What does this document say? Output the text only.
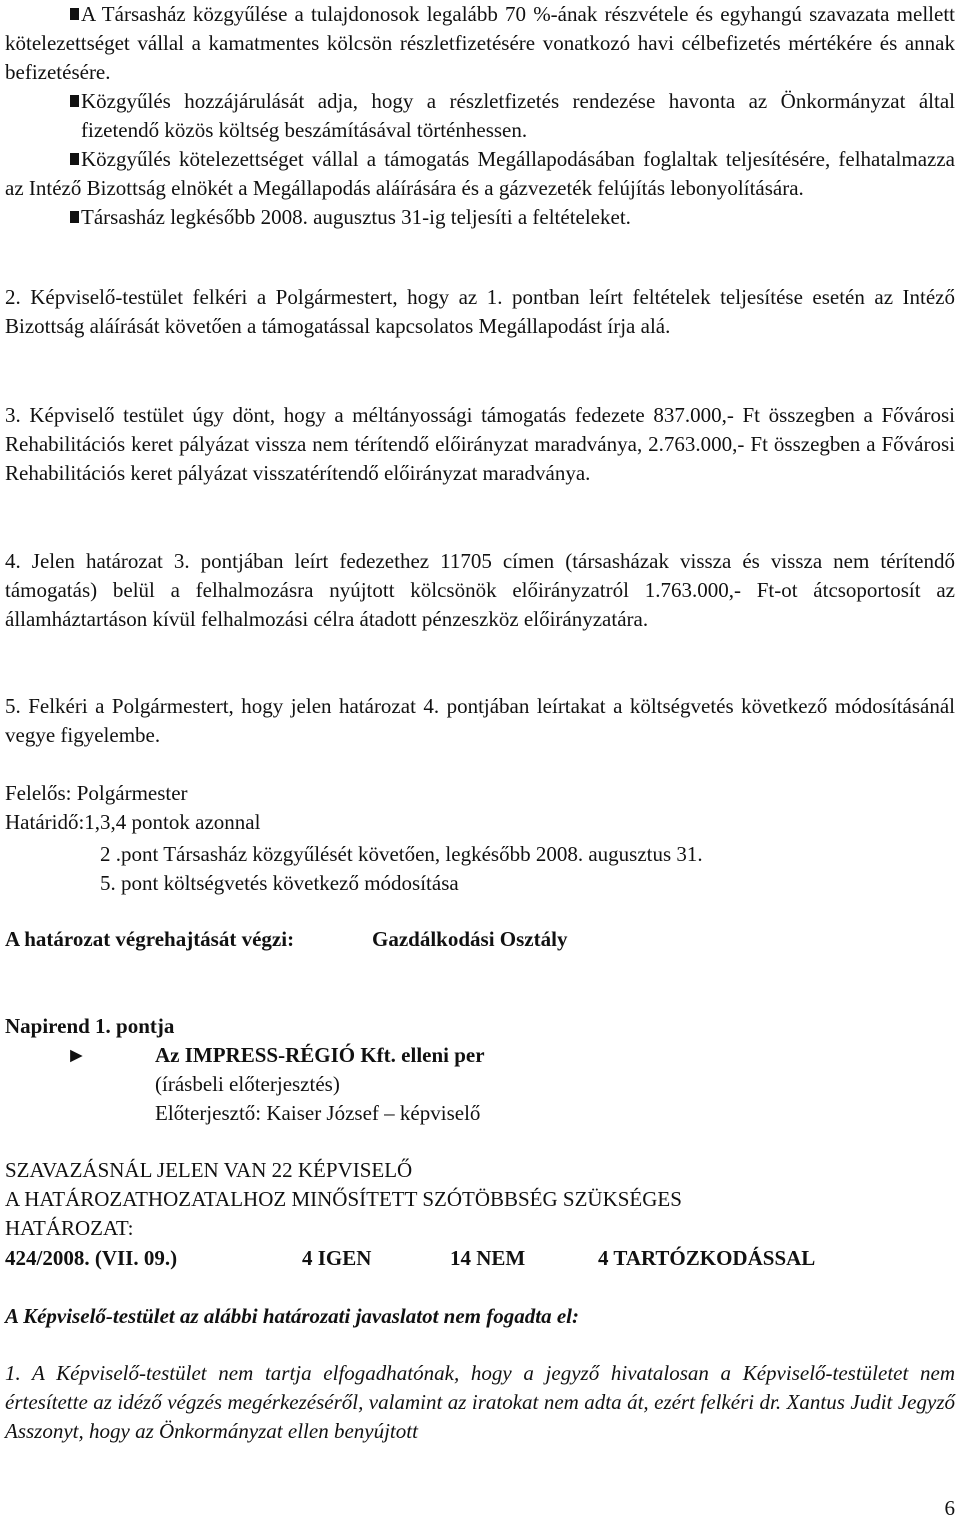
A Társasház közgyűlése a tulajdonosok legalább 70 %-ának részvétele és egyhangú szavazata mellett kötelezettséget vállal a kamatmentes kölcsön részletfizetésére vonatkozó havi célbefizetés mértékére és annak befizetésére.
Közgyűlés hozzájárulását adja, hogy a részletfizetés rendezése havonta az Önkormányzat által fizetendő közös költség beszámításával történhessen.
Közgyűlés kötelezettséget vállal a támogatás Megállapodásában foglaltak teljesítésére, felhatalmazza az Intéző Bizottság elnökét a Megállapodás aláírására és a gázvezeték felújítás lebonyolítására.
Társasház legkésőbb 2008. augusztus 31-ig teljesíti a feltételeket.

2. Képviselő-testület felkéri a Polgármestert, hogy az 1. pontban leírt feltételek teljesítése esetén az Intéző Bizottság aláírását követően a támogatással kapcsolatos Megállapodást írja alá.

3. Képviselő testület úgy dönt, hogy a méltányossági támogatás fedezete 837.000,- Ft összegben a Fővárosi Rehabilitációs keret pályázat vissza nem térítendő előirányzat maradványa, 2.763.000,- Ft összegben a Fővárosi Rehabilitációs keret pályázat visszatérítendő előirányzat maradványa.

4. Jelen határozat 3. pontjában leírt fedezethez 11705 címen (társasházak vissza és vissza nem térítendő támogatás) belül a felhalmozásra nyújtott kölcsönök előirányzatról 1.763.000,- Ft-ot átcsoportosít az államháztartáson kívül felhalmozási célra átadott pénzeszköz előirányzatára.

5. Felkéri a Polgármestert, hogy jelen határozat 4. pontjában leírtakat a költségvetés következő módosításánál vegye figyelembe.

Felelős: Polgármester
Határidő:1,3,4 pontok azonnal
2 .pont Társasház közgyűlését követően, legkésőbb 2008. augusztus 31.
5. pont költségvetés következő módosítása
A határozat végrehajtását végzi:	Gazdálkodási Osztály
Napirend 1. pontja
►	Az IMPRESS-RÉGIÓ Kft. elleni per
(írásbeli előterjesztés)
Előterjesztő: Kaiser József – képviselő
SZAVAZÁSNÁL JELEN VAN 22 KÉPVISELŐ
A HATÁROZATHOZATALHOZ MINŐSÍTETT SZÓTÖBBSÉG SZÜKSÉGES
HATÁROZAT:
424/2008. (VII. 09.)	4 IGEN	14 NEM	4 TARTÓZKODÁSSAL
A Képviselő-testület az alábbi határozati javaslatot nem fogadta el:

1. A Képviselő-testület nem tartja elfogadhatónak, hogy a jegyző hivatalosan a Képviselő-testületet nem értesítette az idéző végzés megérkezéséről, valamint az iratokat nem adta át, ezért felkéri dr. Xantus Judit Jegyző Asszonyt, hogy az Önkormányzat ellen benyújtott

6
